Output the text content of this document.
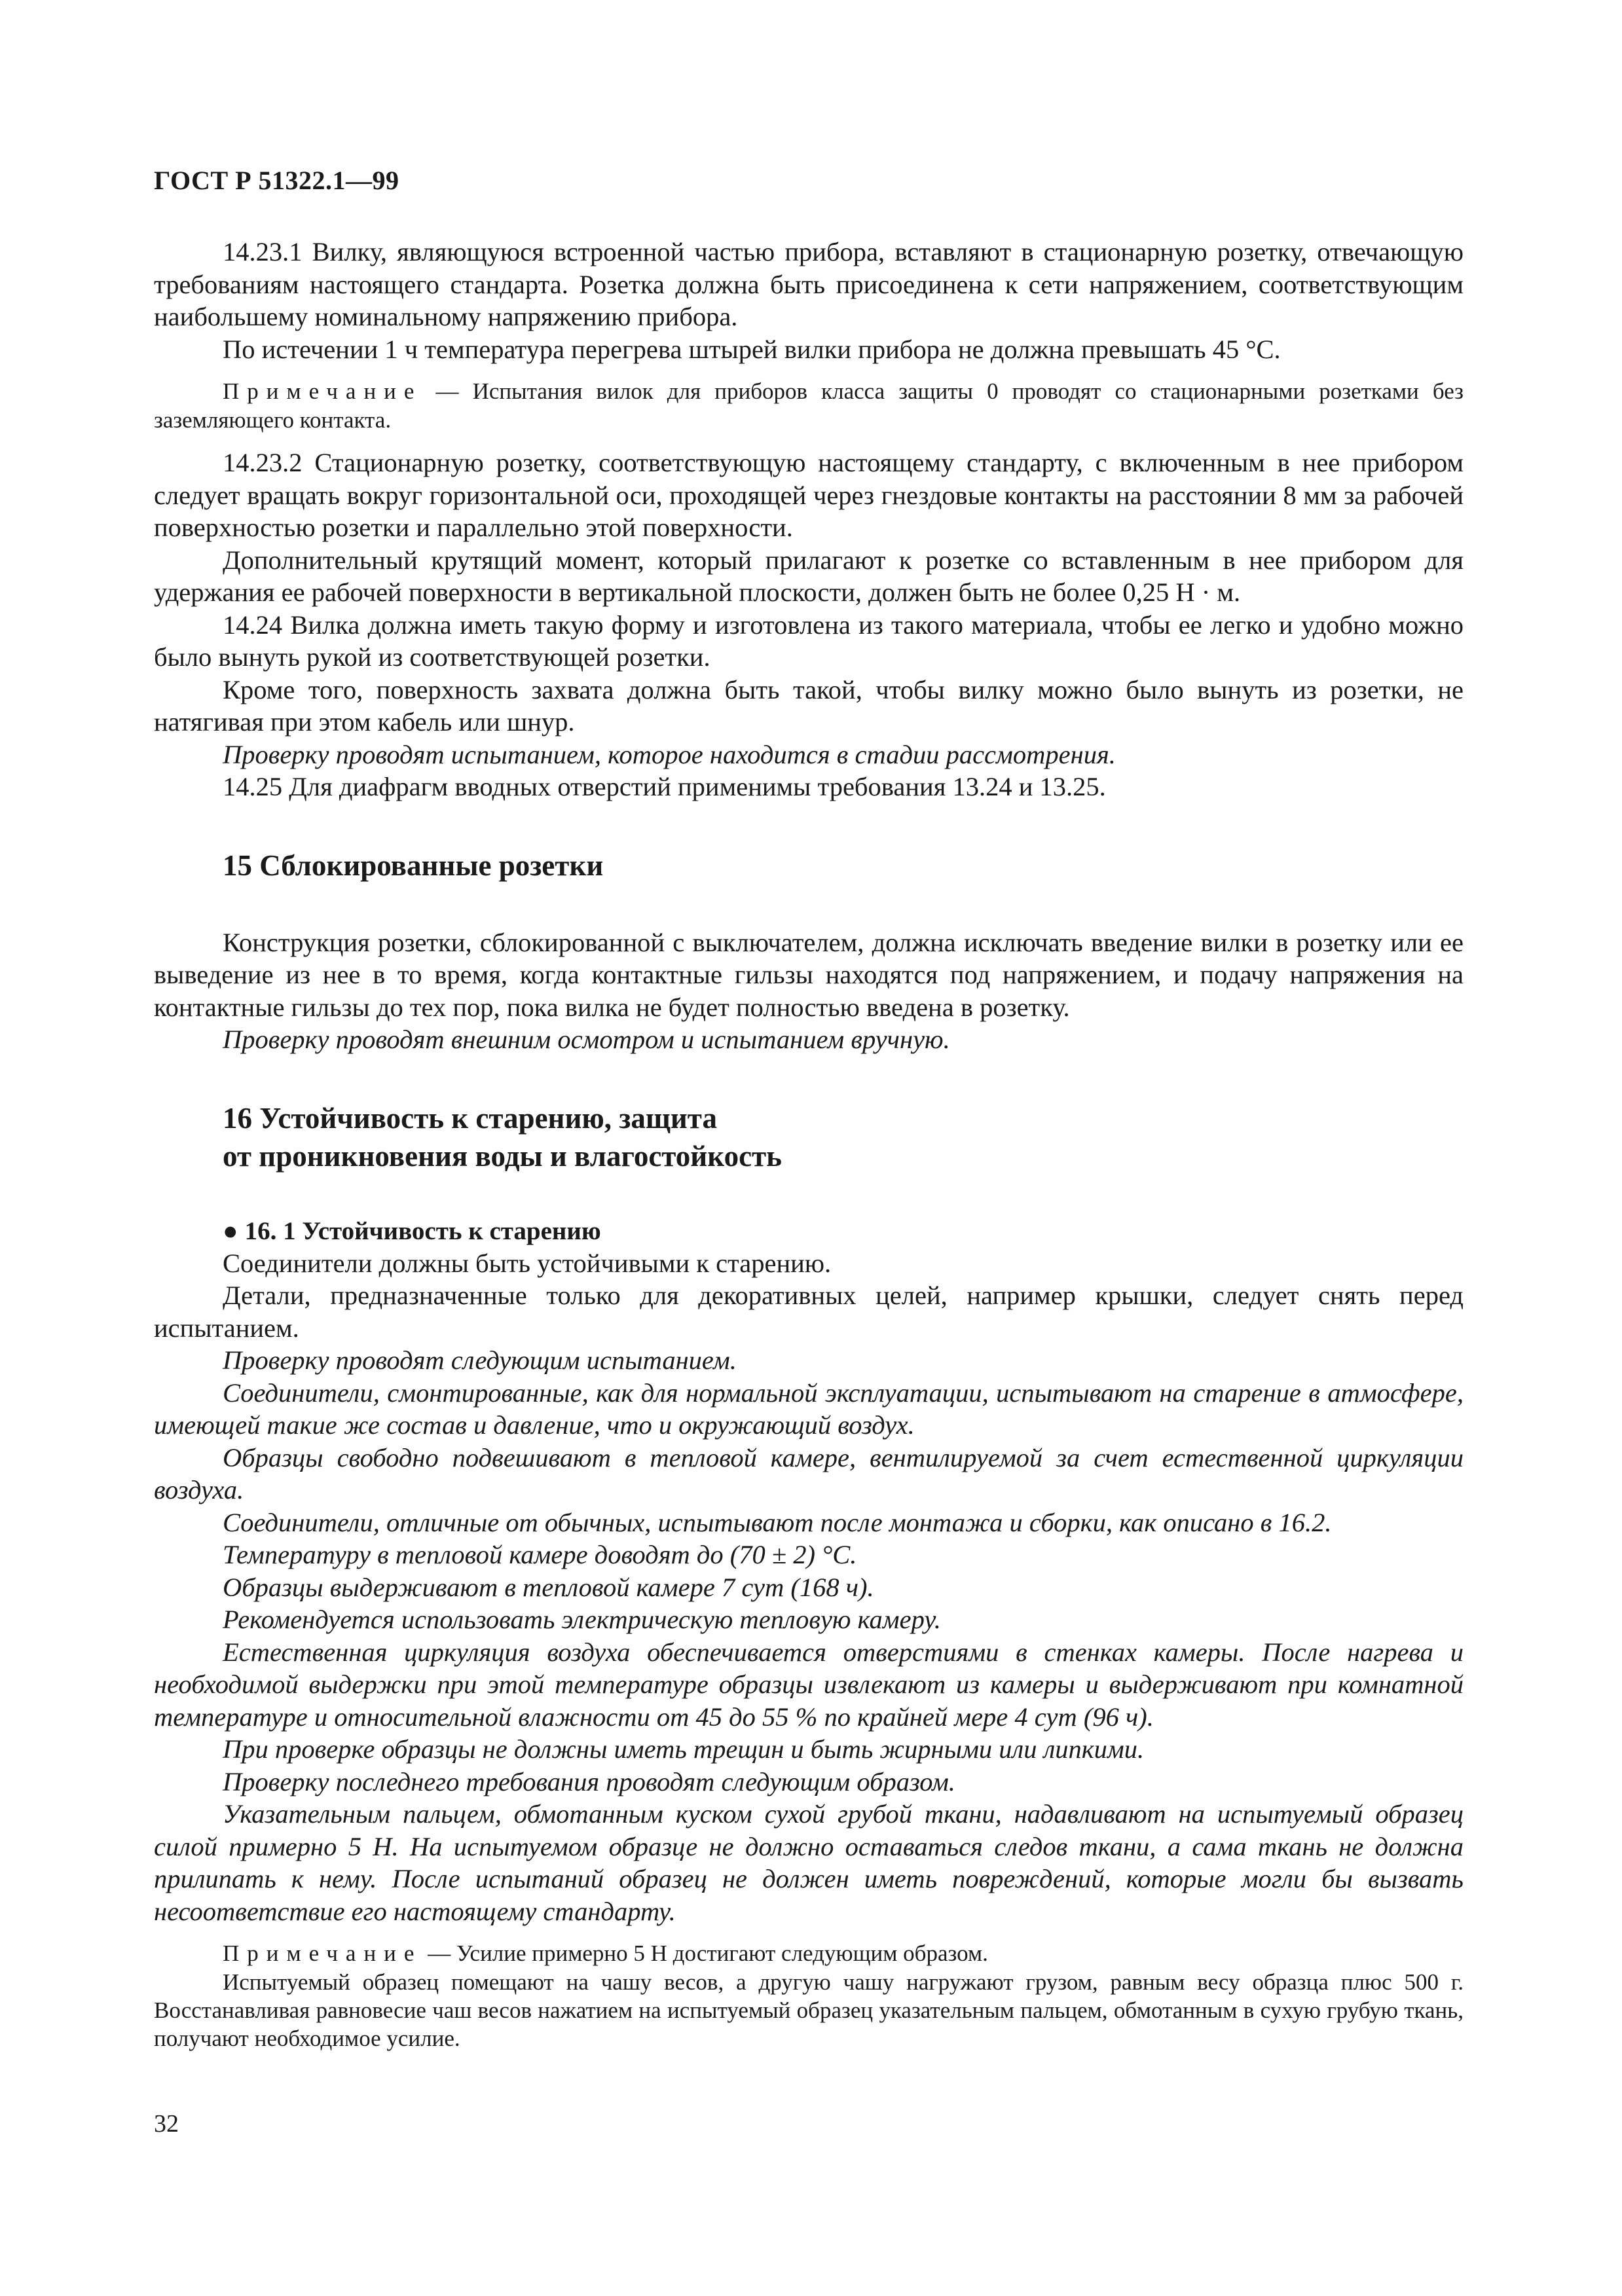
ГОСТ Р 51322.1—99

14.23.1 Вилку, являющуюся встроенной частью прибора, вставляют в стационарную розетку, отвечающую требованиям настоящего стандарта. Розетка должна быть присоединена к сети напряжением, соответствующим наибольшему номинальному напряжению прибора.

По истечении 1 ч температура перегрева штырей вилки прибора не должна превышать 45 °С.

Примечание — Испытания вилок для приборов класса защиты 0 проводят со стационарными розетками без заземляющего контакта.

14.23.2 Стационарную розетку, соответствующую настоящему стандарту, с включенным в нее прибором следует вращать вокруг горизонтальной оси, проходящей через гнездовые контакты на расстоянии 8 мм за рабочей поверхностью розетки и параллельно этой поверхности.

Дополнительный крутящий момент, который прилагают к розетке со вставленным в нее прибором для удержания ее рабочей поверхности в вертикальной плоскости, должен быть не более 0,25 Н · м.

14.24 Вилка должна иметь такую форму и изготовлена из такого материала, чтобы ее легко и удобно можно было вынуть рукой из соответствующей розетки.

Кроме того, поверхность захвата должна быть такой, чтобы вилку можно было вынуть из розетки, не натягивая при этом кабель или шнур.

Проверку проводят испытанием, которое находится в стадии рассмотрения.

14.25 Для диафрагм вводных отверстий применимы требования 13.24 и 13.25.

15 Сблокированные розетки

Конструкция розетки, сблокированной с выключателем, должна исключать введение вилки в розетку или ее выведение из нее в то время, когда контактные гильзы находятся под напряжением, и подачу напряжения на контактные гильзы до тех пор, пока вилка не будет полностью введена в розетку.

Проверку проводят внешним осмотром и испытанием вручную.

16 Устойчивость к старению, защита
от проникновения воды и влагостойкость
● 16. 1 Устойчивость к старению

Соединители должны быть устойчивыми к старению.

Детали, предназначенные только для декоративных целей, например крышки, следует снять перед испытанием.

Проверку проводят следующим испытанием.

Соединители, смонтированные, как для нормальной эксплуатации, испытывают на старение в атмосфере, имеющей такие же состав и давление, что и окружающий воздух.

Образцы свободно подвешивают в тепловой камере, вентилируемой за счет естественной циркуляции воздуха.

Соединители, отличные от обычных, испытывают после монтажа и сборки, как описано в 16.2.

Температуру в тепловой камере доводят до (70 ± 2) °С.

Образцы выдерживают в тепловой камере 7 сут (168 ч).

Рекомендуется использовать электрическую тепловую камеру.

Естественная циркуляция воздуха обеспечивается отверстиями в стенках камеры. После нагрева и необходимой выдержки при этой температуре образцы извлекают из камеры и выдерживают при комнатной температуре и относительной влажности от 45 до 55 % по крайней мере 4 сут (96 ч).

При проверке образцы не должны иметь трещин и быть жирными или липкими.

Проверку последнего требования проводят следующим образом.

Указательным пальцем, обмотанным куском сухой грубой ткани, надавливают на испытуемый образец силой примерно 5 Н. На испытуемом образце не должно оставаться следов ткани, а сама ткань не должна прилипать к нему. После испытаний образец не должен иметь повреждений, которые могли бы вызвать несоответствие его настоящему стандарту.

Примечание — Усилие примерно 5 Н достигают следующим образом.

Испытуемый образец помещают на чашу весов, а другую чашу нагружают грузом, равным весу образца плюс 500 г. Восстанавливая равновесие чаш весов нажатием на испытуемый образец указательным пальцем, обмотанным в сухую грубую ткань, получают необходимое усилие.

32
